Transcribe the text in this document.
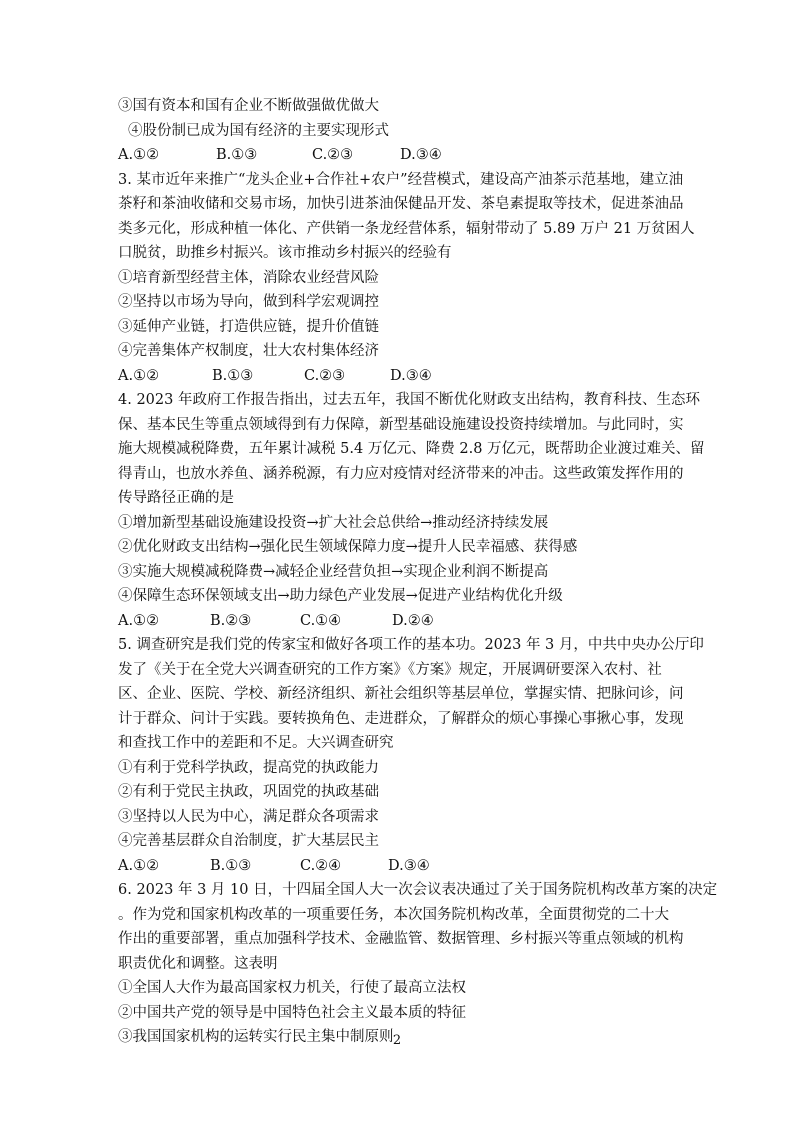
③国有资本和国有企业不断做强做优做大
④股份制已成为国有经济的主要实现形式
A.①②	B.①③	C.②③	D.③④
3. 某市近年来推广“龙头企业+合作社+农户”经营模式，建设高产油茶示范基地，建立油
茶籽和茶油收储和交易市场，加快引进茶油保健品开发、茶皂素提取等技术，促进茶油品
类多元化，形成种植一体化、产供销一条龙经营体系，辐射带动了 5.89 万户 21 万贫困人
口脱贫，助推乡村振兴。该市推动乡村振兴的经验有
①培育新型经营主体，消除农业经营风险
②坚持以市场为导向，做到科学宏观调控
③延伸产业链，打造供应链，提升价值链
④完善集体产权制度，壮大农村集体经济
A.①②	B.①③	C.②③	D.③④
4. 2023 年政府工作报告指出，过去五年，我国不断优化财政支出结构，教育科技、生态环
保、基本民生等重点领域得到有力保障，新型基础设施建设投资持续增加。与此同时，实
施大规模减税降费，五年累计减税 5.4 万亿元、降费 2.8 万亿元，既帮助企业渡过难关、留
得青山，也放水养鱼、涵养税源，有力应对疫情对经济带来的冲击。这些政策发挥作用的
传导路径正确的是
①增加新型基础设施建设投资→扩大社会总供给→推动经济持续发展
②优化财政支出结构→强化民生领域保障力度→提升人民幸福感、获得感
③实施大规模减税降费→减轻企业经营负担→实现企业利润不断提高
④保障生态环保领域支出→助力绿色产业发展→促进产业结构优化升级
A.①②	B.②③	C.①④	D.②④
5. 调查研究是我们党的传家宝和做好各项工作的基本功。2023 年 3 月，中共中央办公厅印
发了《关于在全党大兴调查研究的工作方案》《方案》规定，开展调研要深入农村、社
区、企业、医院、学校、新经济组织、新社会组织等基层单位，掌握实情、把脉问诊，问
计于群众、问计于实践。要转换角色、走进群众，了解群众的烦心事操心事揪心事，发现
和查找工作中的差距和不足。大兴调查研究
①有利于党科学执政，提高党的执政能力
②有利于党民主执政，巩固党的执政基础
③坚持以人民为中心，满足群众各项需求
④完善基层群众自治制度，扩大基层民主
A.①②	B.①③	C.②④	D.③④
6. 2023 年 3 月 10 日，十四届全国人大一次会议表决通过了关于国务院机构改革方案的决定
。作为党和国家机构改革的一项重要任务，本次国务院机构改革，全面贯彻党的二十大
作出的重要部署，重点加强科学技术、金融监管、数据管理、乡村振兴等重点领域的机构
职责优化和调整。这表明
①全国人大作为最高国家权力机关，行使了最高立法权
②中国共产党的领导是中国特色社会主义最本质的特征
③我国国家机构的运转实行民主集中制原则 2
